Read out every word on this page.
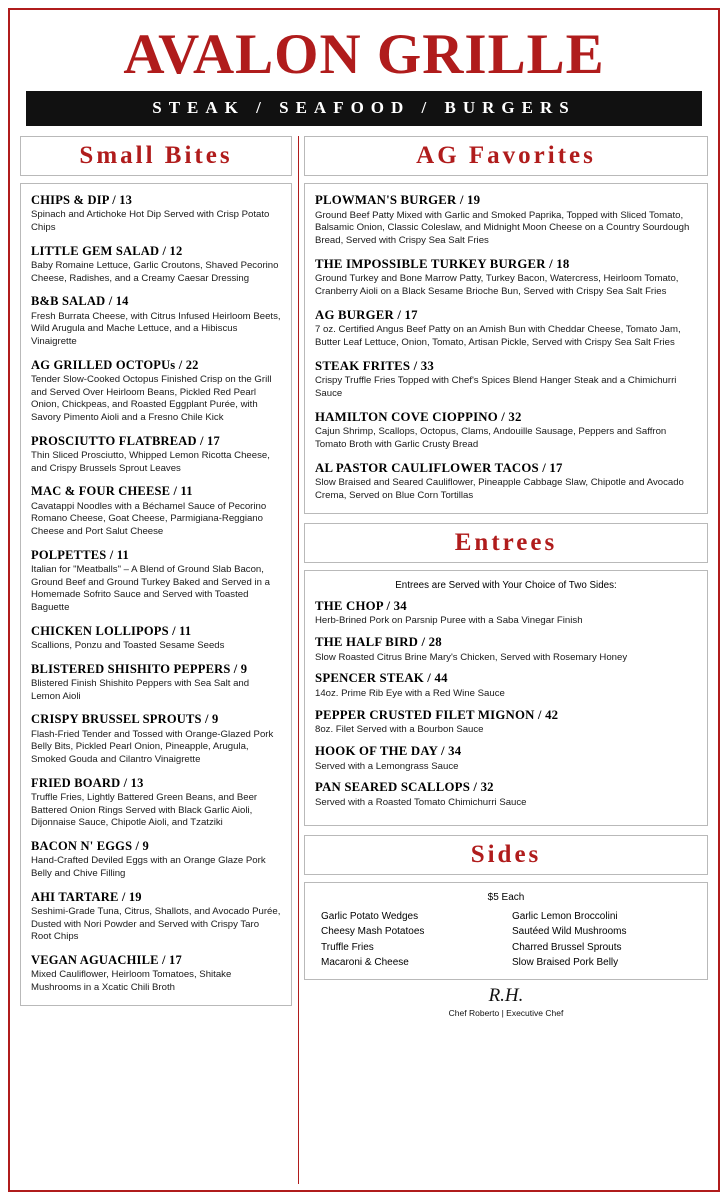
AVALON GRILLE
STEAK / SEAFOOD / BURGERS
Small Bites
CHIPS & DIP / 13
Spinach and Artichoke Hot Dip Served with Crisp Potato Chips
LITTLE GEM SALAD / 12
Baby Romaine Lettuce, Garlic Croutons, Shaved Pecorino Cheese, Radishes, and a Creamy Caesar Dressing
B&B SALAD / 14
Fresh Burrata Cheese, with Citrus Infused Heirloom Beets, Wild Arugula and Mache Lettuce, and a Hibiscus Vinaigrette
AG GRILLED OCTOPUs / 22
Tender Slow-Cooked Octopus Finished Crisp on the Grill and Served Over Heirloom Beans, Pickled Red Pearl Onion, Chickpeas, and Roasted Eggplant Purée, with Savory Pimento Aioli and a Fresno Chile Kick
PROSCIUTTO FLATBREAD / 17
Thin Sliced Prosciutto, Whipped Lemon Ricotta Cheese, and Crispy Brussels Sprout Leaves
MAC & FOUR CHEESE / 11
Cavatappi Noodles with a Béchamel Sauce of Pecorino Romano Cheese, Goat Cheese, Parmigiana-Reggiano Cheese and Port Salut Cheese
POLPETTES / 11
Italian for "Meatballs" – A Blend of Ground Slab Bacon, Ground Beef and Ground Turkey Baked and Served in a Homemade Sofrito Sauce and Served with Toasted Baguette
CHICKEN LOLLIPOPS / 11
Scallions, Ponzu and Toasted Sesame Seeds
BLISTERED SHISHITO PEPPERS / 9
Blistered Finish Shishito Peppers with Sea Salt and Lemon Aioli
CRISPY BRUSSEL SPROUTS / 9
Flash-Fried Tender and Tossed with Orange-Glazed Pork Belly Bits, Pickled Pearl Onion, Pineapple, Arugula, Smoked Gouda and Cilantro Vinaigrette
FRIED BOARD / 13
Truffle Fries, Lightly Battered Green Beans, and Beer Battered Onion Rings Served with Black Garlic Aioli, Dijonnaise Sauce, Chipotle Aioli, and Tzatziki
BACON N' EGGS / 9
Hand-Crafted Deviled Eggs with an Orange Glaze Pork Belly and Chive Filling
AHI TARTARE / 19
Seshimi-Grade Tuna, Citrus, Shallots, and Avocado Purée, Dusted with Nori Powder and Served with Crispy Taro Root Chips
VEGAN AGUACHILE / 17
Mixed Cauliflower, Heirloom Tomatoes, Shitake Mushrooms in a Xcatic Chili Broth
AG Favorites
PLOWMAN'S BURGER / 19
Ground Beef Patty Mixed with Garlic and Smoked Paprika, Topped with Sliced Tomato, Balsamic Onion, Classic Coleslaw, and Midnight Moon Cheese on a Country Sourdough Bread, Served with Crispy Sea Salt Fries
THE IMPOSSIBLE TURKEY BURGER / 18
Ground Turkey and Bone Marrow Patty, Turkey Bacon, Watercress, Heirloom Tomato, Cranberry Aioli on a Black Sesame Brioche Bun, Served with Crispy Sea Salt Fries
AG BURGER / 17
7 oz. Certified Angus Beef Patty on an Amish Bun with Cheddar Cheese, Tomato Jam, Butter Leaf Lettuce, Onion, Tomato, Artisan Pickle, Served with Crispy Sea Salt Fries
STEAK FRITES / 33
Crispy Truffle Fries Topped with Chef's Spices Blend Hanger Steak and a Chimichurri Sauce
HAMILTON COVE CIOPPINO / 32
Cajun Shrimp, Scallops, Octopus, Clams, Andouille Sausage, Peppers and Saffron Tomato Broth with Garlic Crusty Bread
AL PASTOR CAULIFLOWER TACOS / 17
Slow Braised and Seared Cauliflower, Pineapple Cabbage Slaw, Chipotle and Avocado Crema, Served on Blue Corn Tortillas
Entrees
Entrees are Served with Your Choice of Two Sides:
THE CHOP / 34
Herb-Brined Pork on Parsnip Puree with a Saba Vinegar Finish
THE HALF BIRD / 28
Slow Roasted Citrus Brine Mary's Chicken, Served with Rosemary Honey
SPENCER STEAK / 44
14oz. Prime Rib Eye with a Red Wine Sauce
PEPPER CRUSTED FILET MIGNON / 42
8oz. Filet Served with a Bourbon Sauce
HOOK OF THE DAY / 34
Served with a Lemongrass Sauce
PAN SEARED SCALLOPS / 32
Served with a Roasted Tomato Chimichurri Sauce
Sides
$5 Each
Garlic Potato Wedges
Cheesy Mash Potatoes
Truffle Fries
Macaroni & Cheese
Garlic Lemon Broccolini
Sautéed Wild Mushrooms
Charred Brussel Sprouts
Slow Braised Pork Belly
R.H.
Chef Roberto | Executive Chef
